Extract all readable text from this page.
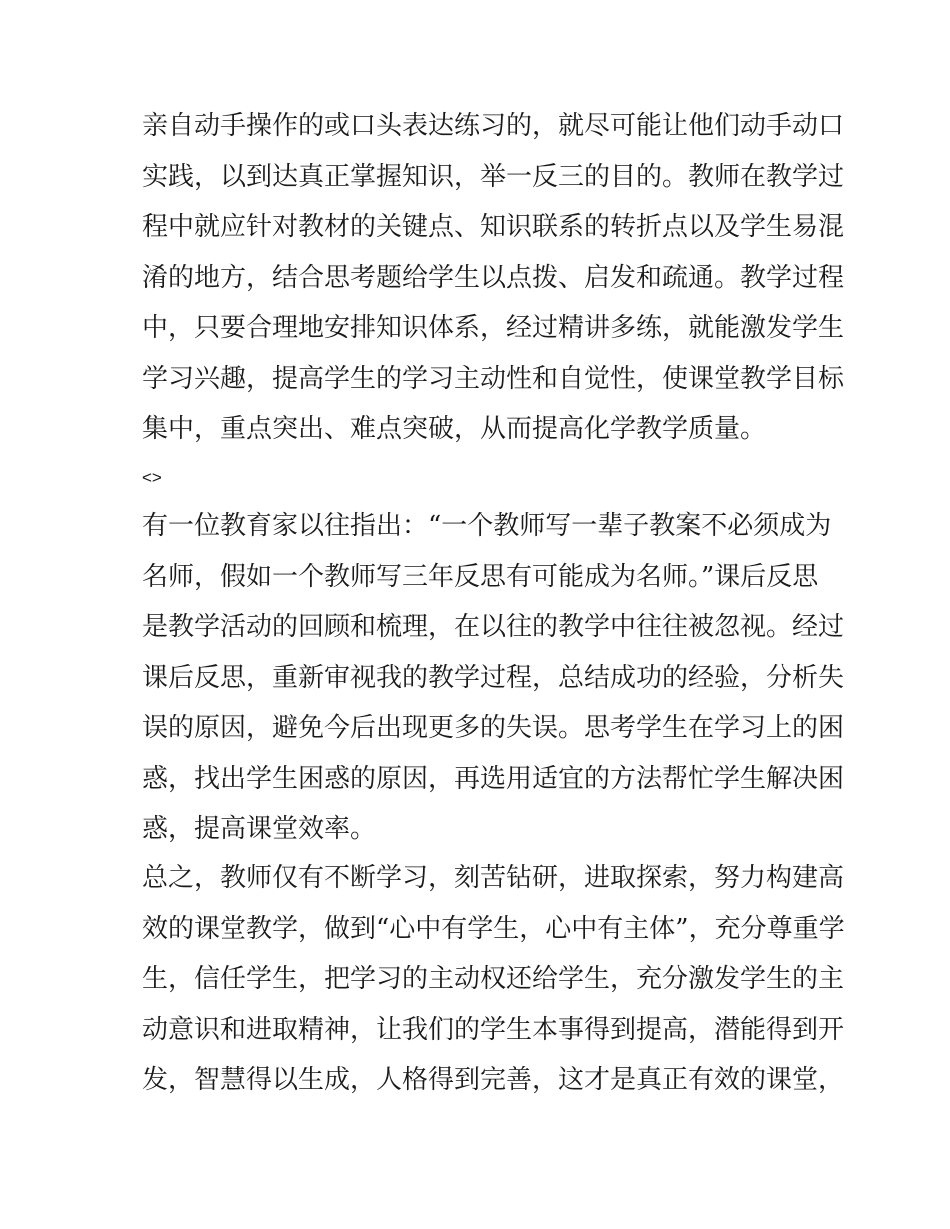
亲自动手操作的或口头表达练习的，就尽可能让他们动手动口
实践，以到达真正掌握知识，举一反三的目的。教师在教学过
程中就应针对教材的关键点、知识联系的转折点以及学生易混
淆的地方，结合思考题给学生以点拨、启发和疏通。教学过程
中，只要合理地安排知识体系，经过精讲多练，就能激发学生
学习兴趣，提高学生的学习主动性和自觉性，使课堂教学目标
集中，重点突出、难点突破，从而提高化学教学质量。
<>
有一位教育家以往指出：“一个教师写一辈子教案不必须成为
名师，假如一个教师写三年反思有可能成为名师。”课后反思
是教学活动的回顾和梳理，在以往的教学中往往被忽视。经过
课后反思，重新审视我的教学过程，总结成功的经验，分析失
误的原因，避免今后出现更多的失误。思考学生在学习上的困
惑，找出学生困惑的原因，再选用适宜的方法帮忙学生解决困
惑，提高课堂效率。
总之，教师仅有不断学习，刻苦钻研，进取探索，努力构建高
效的课堂教学，做到“心中有学生，心中有主体”，充分尊重学
生，信任学生，把学习的主动权还给学生，充分激发学生的主
动意识和进取精神，让我们的学生本事得到提高，潜能得到开
发，智慧得以生成，人格得到完善，这才是真正有效的课堂，
